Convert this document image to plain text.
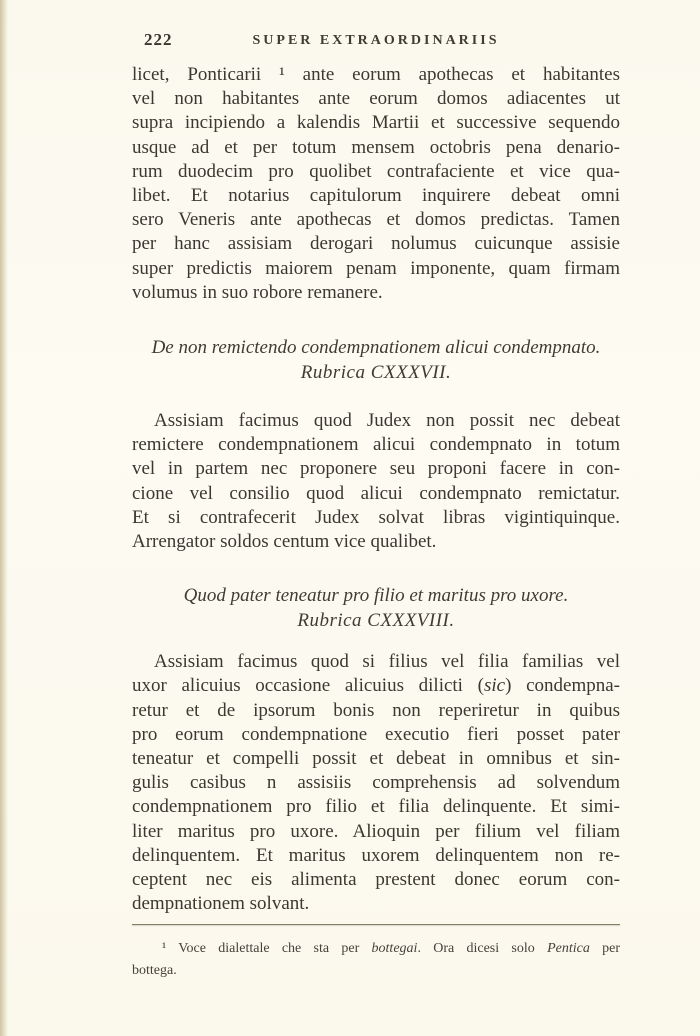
222	SUPER EXTRAORDINARIIS
licet, Ponticarii ¹ ante eorum apothecas et habitantes
vel non habitantes ante eorum domos adiacentes ut
supra incipiendo a kalendis Martii et successive sequendo
usque ad et per totum mensem octobris pena denario-
rum duodecim pro quolibet contrafaciente et vice qua-
libet. Et notarius capitulorum inquirere debeat omni
sero Veneris ante apothecas et domos predictas. Tamen
per hanc assisiam derogari nolumus cuicunque assisie
super predictis maiorem penam imponente, quam firmam
volumus in suo robore remanere.
De non remictendo condempnationem alicui condempnato.
Rubrica CXXXVII.
Assisiam facimus quod Judex non possit nec debeat
remictere condempnationem alicui condempnato in totum
vel in partem nec proponere seu proponi facere in con-
cione vel consilio quod alicui condempnato remictatur.
Et si contrafecerit Judex solvat libras vigintiquinque.
Arrengator soldos centum vice qualibet.
Quod pater teneatur pro filio et maritus pro uxore.
Rubrica CXXXVIII.
Assisiam facimus quod si filius vel filia familias vel
uxor alicuius occasione alicuius dilicti (sic) condempna-
retur et de ipsorum bonis non reperiretur in quibus
pro eorum condempnatione executio fieri posset pater
teneatur et compelli possit et debeat in omnibus et sin-
gulis casibus n assisiis comprehensis ad solvendum
condempnationem pro filio et filia delinquente. Et simi-
liter maritus pro uxore. Alioquin per filium vel filiam
delinquentem. Et maritus uxorem delinquentem non re-
ceptent nec eis alimenta prestent donec eorum con-
dempnationem solvant.
¹ Voce dialettale che sta per bottegai. Ora dicesi solo Pentica per
bottega.
